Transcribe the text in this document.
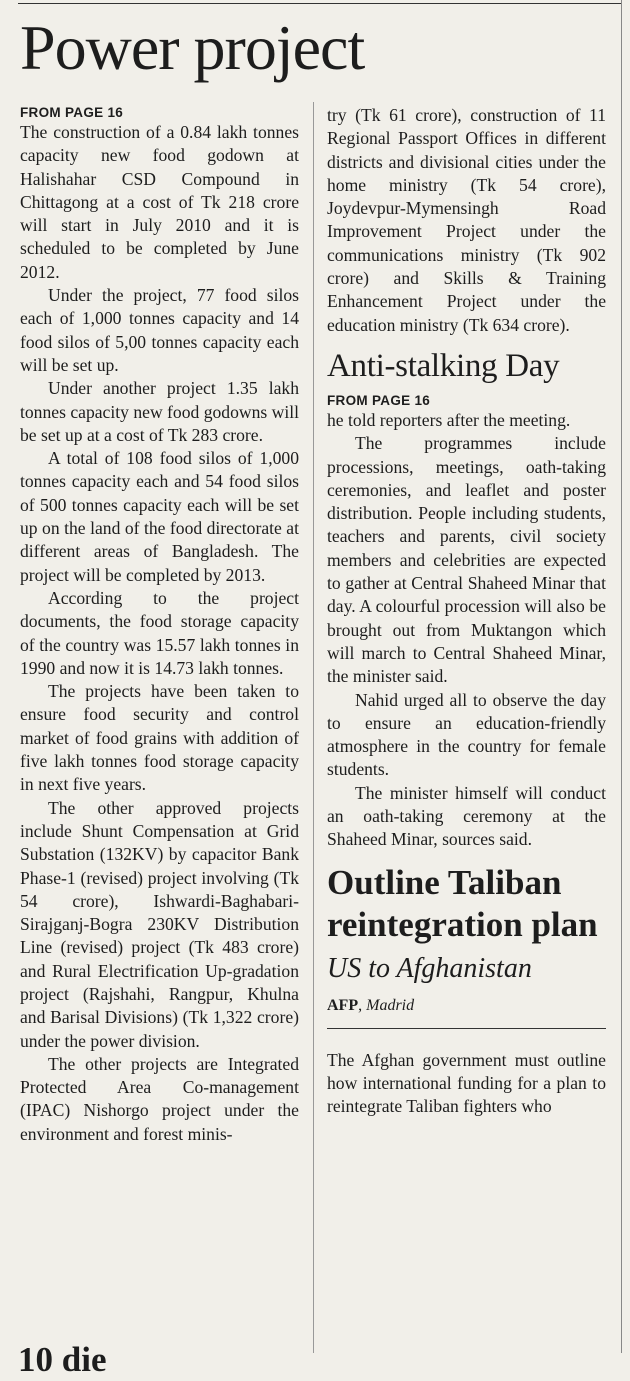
Power project
FROM PAGE 16

The construction of a 0.84 lakh tonnes capacity new food godown at Halishahar CSD Compound in Chittagong at a cost of Tk 218 crore will start in July 2010 and it is scheduled to be completed by June 2012.

Under the project, 77 food silos each of 1,000 tonnes capacity and 14 food silos of 5,00 tonnes capacity each will be set up.

Under another project 1.35 lakh tonnes capacity new food godowns will be set up at a cost of Tk 283 crore.

A total of 108 food silos of 1,000 tonnes capacity each and 54 food silos of 500 tonnes capacity each will be set up on the land of the food directorate at different areas of Bangladesh. The project will be completed by 2013.

According to the project documents, the food storage capacity of the country was 15.57 lakh tonnes in 1990 and now it is 14.73 lakh tonnes.

The projects have been taken to ensure food security and control market of food grains with addition of five lakh tonnes food storage capacity in next five years.

The other approved projects include Shunt Compensation at Grid Substation (132KV) by capacitor Bank Phase-1 (revised) project involving (Tk 54 crore), Ishwardi-Baghabari-Sirajganj-Bogra 230KV Distribution Line (revised) project (Tk 483 crore) and Rural Electrification Up-gradation project (Rajshahi, Rangpur, Khulna and Barisal Divisions) (Tk 1,322 crore) under the power division.

The other projects are Integrated Protected Area Co-management (IPAC) Nishorgo project under the environment and forest minis-

try (Tk 61 crore), construction of 11 Regional Passport Offices in different districts and divisional cities under the home ministry (Tk 54 crore), Joydevpur-Mymensingh Road Improvement Project under the communications ministry (Tk 902 crore) and Skills & Training Enhancement Project under the education ministry (Tk 634 crore).

Anti-stalking Day
FROM PAGE 16

he told reporters after the meeting.

The programmes include processions, meetings, oath-taking ceremonies, and leaflet and poster distribution. People including students, teachers and parents, civil society members and celebrities are expected to gather at Central Shaheed Minar that day. A colourful procession will also be brought out from Muktangon which will march to Central Shaheed Minar, the minister said.

Nahid urged all to observe the day to ensure an education-friendly atmosphere in the country for female students.

The minister himself will conduct an oath-taking ceremony at the Shaheed Minar, sources said.

Outline Taliban reintegration plan
US to Afghanistan

AFP, Madrid

The Afghan government must outline how international funding for a plan to reintegrate Taliban fighters who

10 die
